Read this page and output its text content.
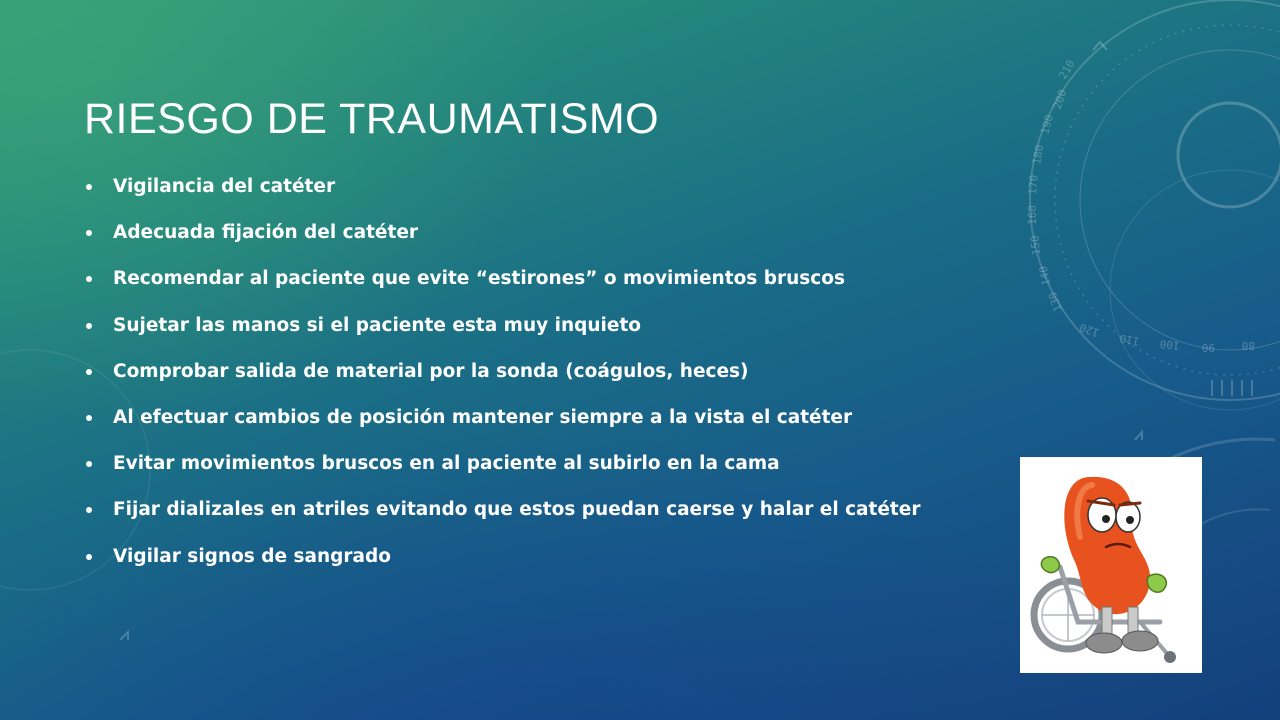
210
200
190
180
170
160
150
140
130
120
110 100 90 80
RIESGO DE TRAUMATISMO
Vigilancia del catéter
Adecuada fijación del catéter
Recomendar al paciente que evite “estirones” o movimientos bruscos
Sujetar las manos si el paciente esta muy inquieto
Comprobar salida de material por la sonda (coágulos, heces)
Al efectuar cambios de posición mantener siempre a la vista el catéter
Evitar movimientos bruscos en al paciente al subirlo en la cama
Fijar dializales en atriles evitando que estos puedan caerse y halar el catéter
Vigilar signos de sangrado
